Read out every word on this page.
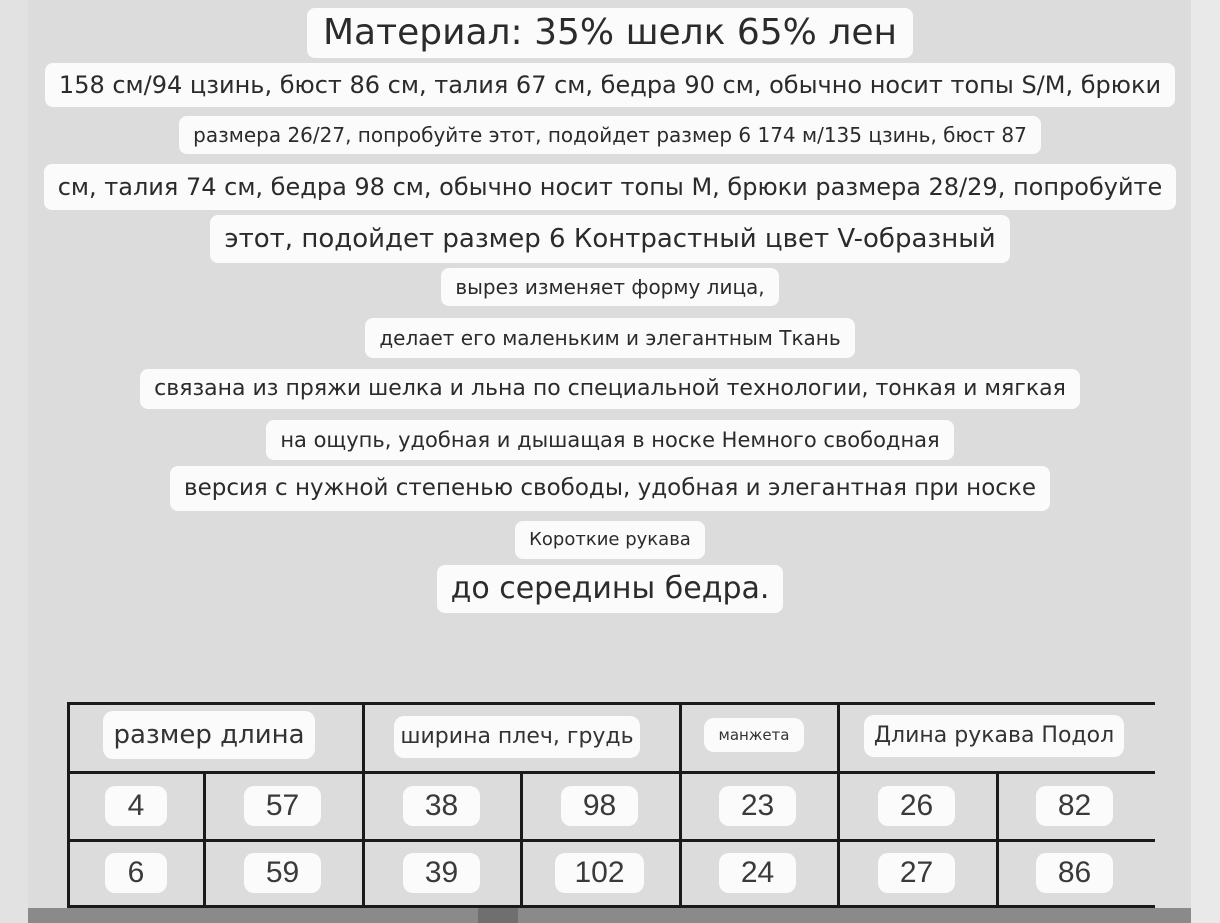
Материал: 35% шелк 65% лен
158 см/94 цзинь, бюст 86 см, талия 67 см, бедра 90 см, обычно носит топы S/M, брюки
размера 26/27, попробуйте этот, подойдет размер 6 174 м/135 цзинь, бюст 87
см, талия 74 см, бедра 98 см, обычно носит топы М, брюки размера 28/29, попробуйте
этот, подойдет размер 6 Контрастный цвет V-образный
вырез изменяет форму лица,
делает его маленьким и элегантным Ткань
связана из пряжи шелка и льна по специальной технологии, тонкая и мягкая
на ощупь, удобная и дышащая в носке Немного свободная
версия с нужной степенью свободы, удобная и элегантная при носке
Короткие рукава
до середины бедра.
размер длина	ширина плеч, грудь	манжета	Длина рукава Подол
4	57	38	98	23	26	82
6	59	39	102	24	27	86
